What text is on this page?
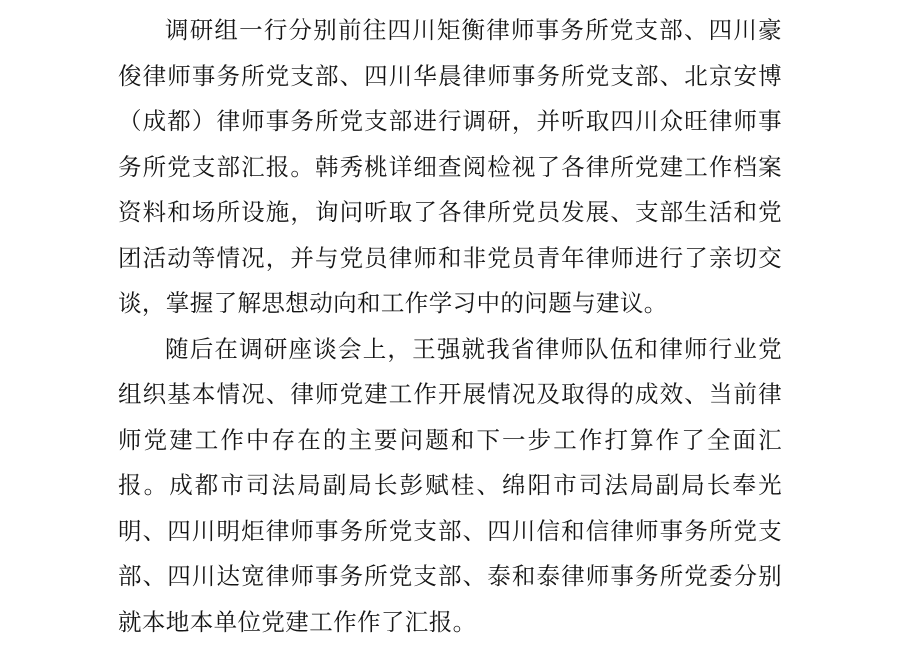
调研组一行分别前往四川矩衡律师事务所党支部、四川豪俊律师事务所党支部、四川华晨律师事务所党支部、北京安博（成都）律师事务所党支部进行调研，并听取四川众旺律师事务所党支部汇报。韩秀桃详细查阅检视了各律所党建工作档案资料和场所设施，询问听取了各律所党员发展、支部生活和党团活动等情况，并与党员律师和非党员青年律师进行了亲切交谈，掌握了解思想动向和工作学习中的问题与建议。

随后在调研座谈会上，王强就我省律师队伍和律师行业党组织基本情况、律师党建工作开展情况及取得的成效、当前律师党建工作中存在的主要问题和下一步工作打算作了全面汇报。成都市司法局副局长彭赋桂、绵阳市司法局副局长奉光明、四川明炬律师事务所党支部、四川信和信律师事务所党支部、四川达宽律师事务所党支部、泰和泰律师事务所党委分别就本地本单位党建工作作了汇报。
